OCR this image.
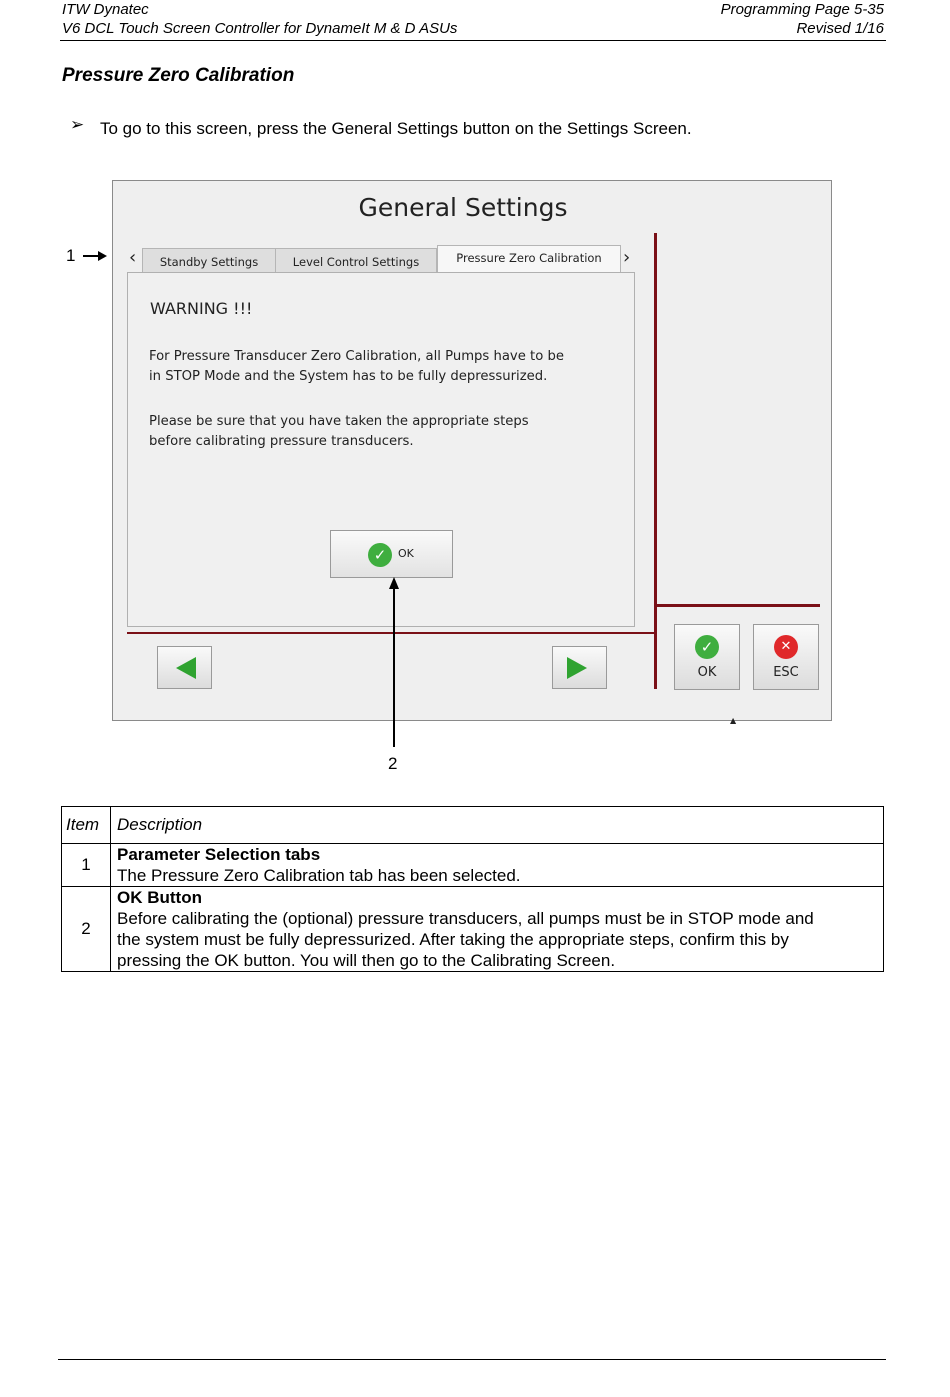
ITW Dynatec
V6 DCL Touch Screen Controller for DynameIt M & D ASUs
Programming Page 5-35
Revised 1/16
Pressure Zero Calibration
➢ To go to this screen, press the General Settings button on the Settings Screen.
General Settings
‹	Standby Settings	Level Control Settings	Pressure Zero Calibration	›
WARNING !!!
For Pressure Transducer Zero Calibration, all Pumps have to be
in STOP Mode and the System has to be fully depressurized.
Please be sure that you have taken the appropriate steps
before calibrating pressure transducers.
✓	OK
✓
OK
✕
ESC
▲
1
2
Item	Description
1	Parameter Selection tabs
The Pressure Zero Calibration tab has been selected.

2	OK Button
Before calibrating the (optional) pressure transducers, all pumps must be in STOP mode and
the system must be fully depressurized. After taking the appropriate steps, confirm this by
pressing the OK button. You will then go to the Calibrating Screen.
